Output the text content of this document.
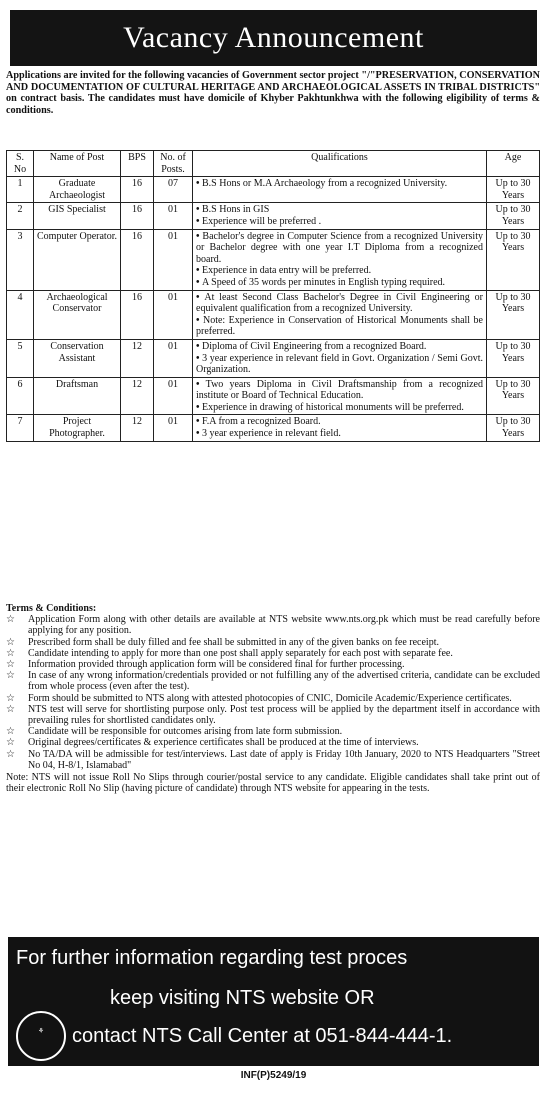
Vacancy Announcement
Applications are invited for the following vacancies of Government sector project "/"PRESERVATION, CONSERVATION AND DOCUMENTATION OF CULTURAL HERITAGE AND ARCHAEOLOGICAL ASSETS IN TRIBAL DISTRICTS" on contract basis. The candidates must have domicile of Khyber Pakhtunkhwa with the following eligibility of terms & conditions.
S. No	Name of Post	BPS	No. of Posts.	Qualifications	Age
1	Graduate Archaeologist	16	07	• B.S Hons or M.A Archaeology from a recognized University.	Up to 30 Years
2	GIS Specialist	16	01	• B.S Hons in GIS
• Experience will be preferred .	Up to 30 Years
3	Computer Operator.	16	01	• Bachelor's degree in Computer Science from a recognized University or Bachelor degree with one year I.T Diploma from a recognized board.
• Experience in data entry will be preferred.
• A Speed of 35 words per minutes in English typing required.	Up to 30 Years
4	Archaeological Conservator	16	01	• At least Second Class Bachelor's Degree in Civil Engineering or equivalent qualification from a recognized University.
• Note: Experience in Conservation of Historical Monuments shall be preferred.	Up to 30 Years
5	Conservation Assistant	12	01	• Diploma of Civil Engineering from a recognized Board.
• 3 year experience in relevant field in Govt. Organization / Semi Govt. Organization.	Up to 30 Years
6	Draftsman	12	01	• Two years Diploma in Civil Draftsmanship from a recognized institute or Board of Technical Education.
• Experience in drawing of historical monuments will be preferred.	Up to 30 Years
7	Project Photographer.	12	01	• F.A from a recognized Board.
• 3 year experience in relevant field.	Up to 30 Years
Terms & Conditions:
☆	Application Form along with other details are available at NTS website www.nts.org.pk which must be read carefully before applying for any position.
☆	Prescribed form shall be duly filled and fee shall be submitted in any of the given banks on fee receipt.
☆	Candidate intending to apply for more than one post shall apply separately for each post with separate fee.
☆	Information provided through application form will be considered final for further processing.
☆	In case of any wrong information/credentials provided or not fulfilling any of the advertised criteria, candidate can be excluded from whole process (even after the test).
☆	Form should be submitted to NTS along with attested photocopies of CNIC, Domicile Academic/Experience certificates.
☆	NTS test will serve for shortlisting purpose only. Post test process will be applied by the department itself in accordance with prevailing rules for shortlisted candidates only.
☆	Candidate will be responsible for outcomes arising from late form submission.
☆	Original degrees/certificates & experience certificates shall be produced at the time of interviews.
☆	No TA/DA will be admissible for test/interviews. Last date of apply is Friday 10th January, 2020 to NTS Headquarters "Street No 04, H-8/1, Islamabad"
Note: NTS will not issue Roll No Slips through courier/postal service to any candidate. Eligible candidates shall take print out of their electronic Roll No Slip (having picture of candidate) through NTS website for appearing in the tests.
For further information regarding test proces
keep visiting NTS website OR
⚘	contact NTS Call Center at 051-844-444-1.
INF(P)5249/19
